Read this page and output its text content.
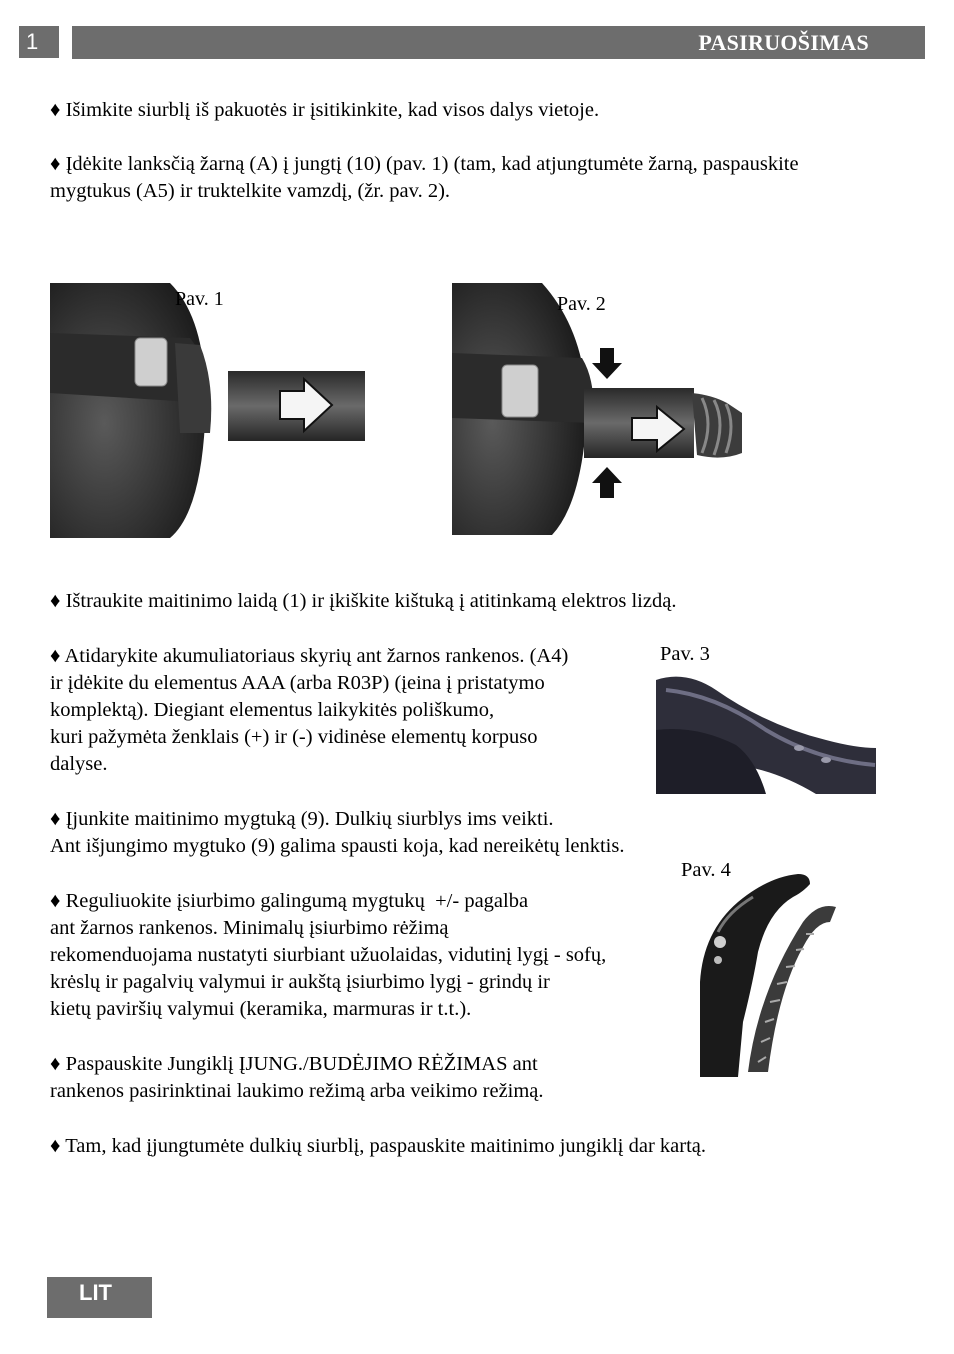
1	PASIRUOŠIMAS
♦ Išimkite siurblį iš pakuotės ir įsitikinkite, kad visos dalys vietoje.
♦ Įdėkite lanksčią žarną (A) į jungtį (10) (pav. 1) (tam, kad atjungtumėte žarną, paspauskite
mygtukus (A5) ir truktelkite vamzdį, (žr. pav. 2).
Pav. 1	Pav. 2
♦ Ištraukite maitinimo laidą (1) ir įkiškite kištuką į atitinkamą elektros lizdą.
♦ Atidarykite akumuliatoriaus skyrių ant žarnos rankenos. (A4)
ir įdėkite du elementus AAA (arba R03P) (įeina į pristatymo
komplektą). Diegiant elementus laikykitės poliškumo,
kuri pažymėta ženklais (+) ir (-) vidinėse elementų korpuso
dalyse.
Pav. 3
♦ Įjunkite maitinimo mygtuką (9). Dulkių siurblys ims veikti.
Ant išjungimo mygtuko (9) galima spausti koja, kad nereikėtų lenktis.
Pav. 4
♦ Reguliuokite įsiurbimo galingumą mygtukų  +/- pagalba
ant žarnos rankenos. Minimalų įsiurbimo rėžimą
rekomenduojama nustatyti siurbiant užuolaidas, vidutinį lygį - sofų,
krėslų ir pagalvių valymui ir aukštą įsiurbimo lygį - grindų ir
kietų paviršių valymui (keramika, marmuras ir t.t.).
♦ Paspauskite Jungiklį ĮJUNG./BUDĖJIMO RĖŽIMAS ant
rankenos pasirinktinai laukimo režimą arba veikimo režimą.
♦ Tam, kad įjungtumėte dulkių siurblį, paspauskite maitinimo jungiklį dar kartą.
LIT
